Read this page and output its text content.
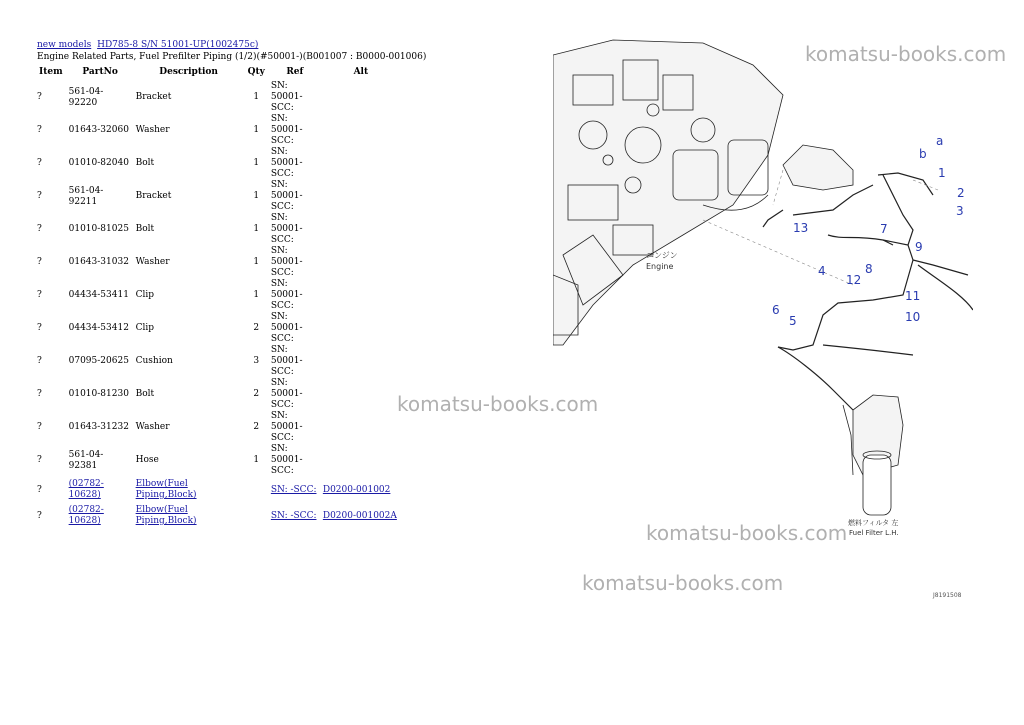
new models HD785-8 S/N 51001-UP(1002475c)
Engine Related Parts, Fuel Prefilter Piping (1/2)(#50001-)(B001007 : B0000-001006)
Item	PartNo	Description	Qty	Ref	Alt
?	561-04-92220	Bracket	1	SN: 50001-SCC:	
?	01643-32060	Washer	1	SN: 50001-SCC:	
?	01010-82040	Bolt	1	SN: 50001-SCC:	
?	561-04-92211	Bracket	1	SN: 50001-SCC:	
?	01010-81025	Bolt	1	SN: 50001-SCC:	
?	01643-31032	Washer	1	SN: 50001-SCC:	
?	04434-53411	Clip	1	SN: 50001-SCC:	
?	04434-53412	Clip	2	SN: 50001-SCC:	
?	07095-20625	Cushion	3	SN: 50001-SCC:	
?	01010-81230	Bolt	2	SN: 50001-SCC:	
?	01643-31232	Washer	2	SN: 50001-SCC:	
?	561-04-92381	Hose	1	SN: 50001-SCC:	
?	(02782-10628)	Elbow(Fuel Piping,Block)		SN: -SCC:	D0200-001002
?	(02782-10628)	Elbow(Fuel Piping,Block)		SN: -SCC:	D0200-001002A
komatsu-books.com
komatsu-books.com
komatsu-books.com
komatsu-books.com
エンジン
Engine
燃料フィルタ 左
Fuel Filter L.H.
J8191508
1
2
3
4
5
6
7
8
9
10
11
12
13
a
b
